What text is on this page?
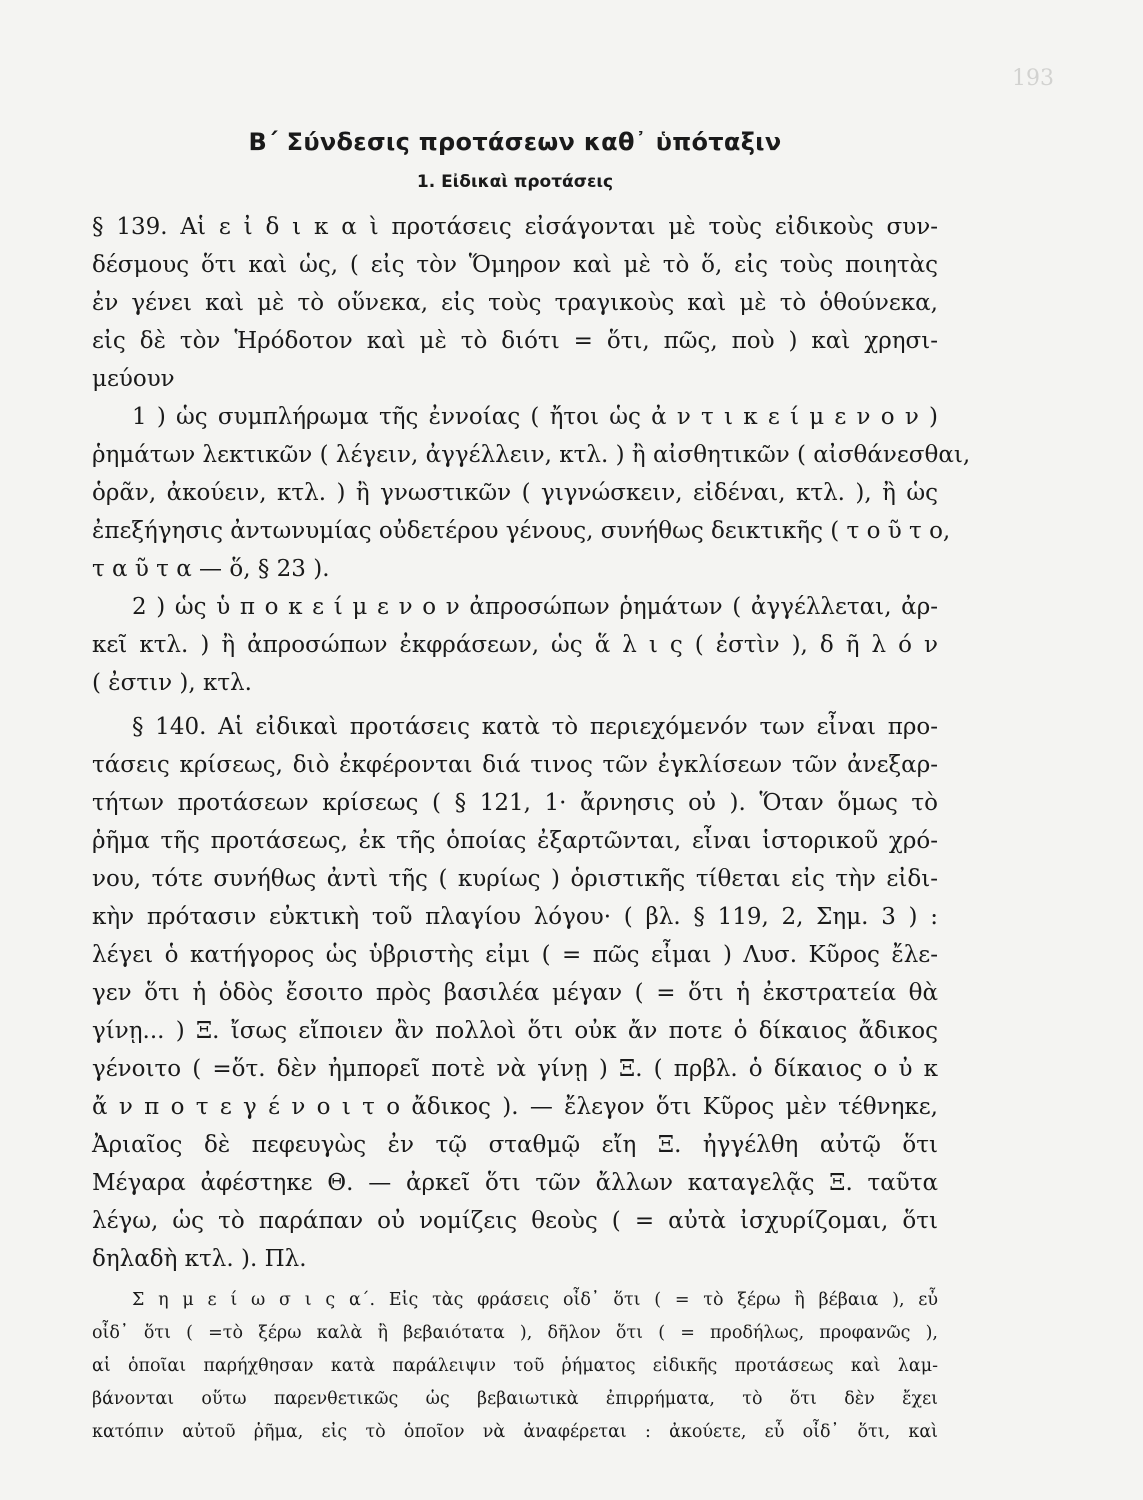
193
Β΄ Σύνδεσις προτάσεων καθ᾿ ὑπόταξιν
1. Εἰδικαὶ προτάσεις
§ 139. Αἱ ε ἰ δ ι κ α ὶ προτάσεις εἰσάγονται μὲ τοὺς εἰδικοὺς συν-
δέσμους ὅτι καὶ ὡς, ( εἰς τὸν Ὅμηρον καὶ μὲ τὸ ὅ, εἰς τοὺς ποιητὰς
ἐν γένει καὶ μὲ τὸ οὕνεκα, εἰς τοὺς τραγικοὺς καὶ μὲ τὸ ὁθούνεκα,
εἰς δὲ τὸν Ἡρόδοτον καὶ μὲ τὸ διότι = ὅτι, πῶς, ποὺ ) καὶ χρησι-
μεύουν
1 ) ὡς συμπλήρωμα τῆς ἐννοίας ( ἤτοι ὡς ἀ ν τ ι κ ε ί μ ε ν ο ν )
ῥημάτων λεκτικῶν ( λέγειν, ἀγγέλλειν, κτλ. ) ἢ αἰσθητικῶν ( αἰσθάνεσθαι,
ὁρᾶν, ἀκούειν, κτλ. ) ἢ γνωστικῶν ( γιγνώσκειν, εἰδέναι, κτλ. ), ἢ ὡς
ἐπεξήγησις ἀντωνυμίας οὐδετέρου γένους, συνήθως δεικτικῆς ( τ ο ῦ τ ο,
τ α ῦ τ α — ὅ, § 23 ).
2 ) ὡς ὑ π ο κ ε ί μ ε ν ο ν ἀπροσώπων ῥημάτων ( ἀγγέλλεται, ἀρ-
κεῖ κτλ. ) ἢ ἀπροσώπων ἐκφράσεων, ὡς ἅ λ ι ς ( ἐστὶν ), δ ῆ λ ό ν
( ἐστιν ), κτλ.
§ 140. Αἱ εἰδικαὶ προτάσεις κατὰ τὸ περιεχόμενόν των εἶναι προ-
τάσεις κρίσεως, διὸ ἐκφέρονται διά τινος τῶν ἐγκλίσεων τῶν ἀνεξαρ-
τήτων προτάσεων κρίσεως ( § 121, 1· ἄρνησις οὐ ). Ὅταν ὅμως τὸ
ῥῆμα τῆς προτάσεως, ἐκ τῆς ὁποίας ἐξαρτῶνται, εἶναι ἱστορικοῦ χρό-
νου, τότε συνήθως ἀντὶ τῆς ( κυρίως ) ὁριστικῆς τίθεται εἰς τὴν εἰδι-
κὴν πρότασιν εὐκτικὴ τοῦ πλαγίου λόγου· ( βλ. § 119, 2, Σημ. 3 ) :
λέγει ὁ κατήγορος ὡς ὑβριστὴς εἰμι ( = πῶς εἶμαι ) Λυσ. Κῦρος ἔλε-
γεν ὅτι ἡ ὁδὸς ἔσοιτο πρὸς βασιλέα μέγαν ( = ὅτι ἡ ἐκστρατεία θὰ
γίνῃ... ) Ξ. ἴσως εἴποιεν ἂν πολλοὶ ὅτι οὐκ ἄν ποτε ὁ δίκαιος ἄδικος
γένοιτο ( =ὅτ. δὲν ἠμπορεῖ ποτὲ νὰ γίνῃ ) Ξ. ( πρβλ. ὁ δίκαιος ο ὐ κ
ἄ ν π ο τ ε γ έ ν ο ι τ ο ἄδικος ). — ἔλεγον ὅτι Κῦρος μὲν τέθνηκε,
Ἀριαῖος δὲ πεφευγὼς ἐν τῷ σταθμῷ εἴη Ξ. ἠγγέλθη αὐτῷ ὅτι
Μέγαρα ἀφέστηκε Θ. — ἀρκεῖ ὅτι τῶν ἄλλων καταγελᾷς Ξ. ταῦτα
λέγω, ὡς τὸ παράπαν οὐ νομίζεις θεοὺς ( = αὐτὰ ἰσχυρίζομαι, ὅτι
δηλαδὴ κτλ. ). Πλ.
Σ η μ ε ί ω σ ι ς α΄. Εἰς τὰς φράσεις οἶδ᾿ ὅτι ( = τὸ ξέρω ἢ βέβαια ), εὖ
οἶδ᾿ ὅτι ( =τὸ ξέρω καλὰ ἢ βεβαιότατα ), δῆλον ὅτι ( = προδήλως, προφανῶς ),
αἱ ὁποῖαι παρήχθησαν κατὰ παράλειψιν τοῦ ῥήματος εἰδικῆς προτάσεως καὶ λαμ-
βάνονται οὕτω παρενθετικῶς ὡς βεβαιωτικὰ ἐπιρρήματα, τὸ ὅτι δὲν ἔχει
κατόπιν αὐτοῦ ῥῆμα, εἰς τὸ ὁποῖον νὰ ἀναφέρεται : ἀκούετε, εὖ οἶδ᾿ ὅτι, καὶ
